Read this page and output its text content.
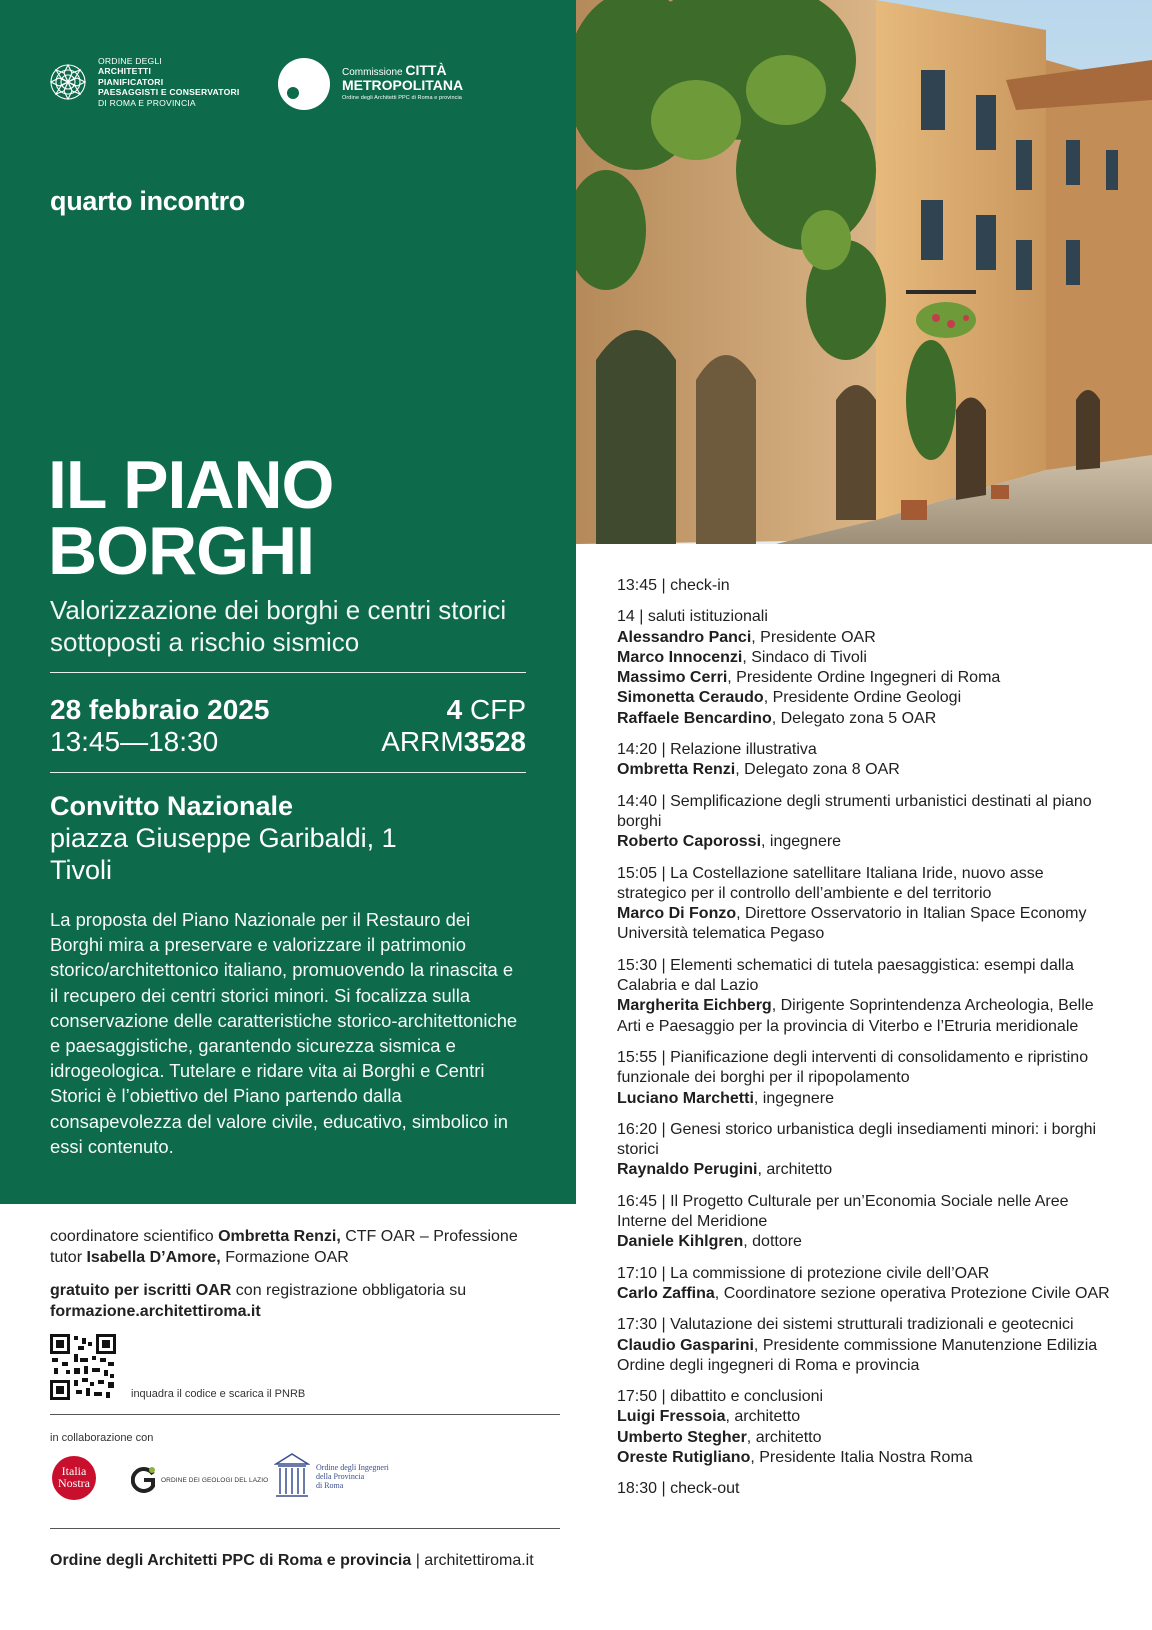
ORDINE DEGLI
ARCHITETTI
PIANIFICATORI
PAESAGGISTI E CONSERVATORI
DI ROMA E PROVINCIA
Commissione CITTÀ
METROPOLITANA
Ordine degli Architetti PPC di Roma e provincia
quarto incontro
IL PIANO
BORGHI
Valorizzazione dei borghi e centri storici sottoposti a rischio sismico
28 febbraio 2025	4 CFP
13:45—18:30	ARRM3528
Convitto Nazionale
piazza Giuseppe Garibaldi, 1
Tivoli
La proposta del Piano Nazionale per il Restauro dei Borghi mira a preservare e valorizzare il patrimonio storico/architettonico italiano, promuovendo la rinascita e il recupero dei centri storici minori. Si focalizza sulla conservazione delle caratteristiche storico-architettoniche e paesaggistiche, garantendo sicurezza sismica e idrogeologica. Tutelare e ridare vita ai Borghi e Centri Storici è l’obiettivo del Piano partendo dalla consapevolezza del valore civile, educativo, simbolico in essi contenuto.

coordinatore scientifico Ombretta Renzi, CTF OAR – Professione

tutor Isabella D’Amore, Formazione OAR

gratuito per iscritti OAR con registrazione obbligatoria su

formazione.architettiroma.it

inquadra il codice e scarica il PNRB
in collaborazione con
Italia
Nostra	ORDINE DEI GEOLOGI DEL LAZIO
Ordine degli Ingegneri
della Provincia
di Roma
Ordine degli Architetti PPC di Roma e provincia | architettiroma.it
13:45 | check-in
14 | saluti istituzionali
Alessandro Panci, Presidente OAR
Marco Innocenzi, Sindaco di Tivoli
Massimo Cerri, Presidente Ordine Ingegneri di Roma
Simonetta Ceraudo, Presidente Ordine Geologi
Raffaele Bencardino, Delegato zona 5 OAR
14:20 | Relazione illustrativa
Ombretta Renzi, Delegato zona 8 OAR
14:40 | Semplificazione degli strumenti urbanistici destinati al piano borghi
Roberto Caporossi, ingegnere
15:05 | La Costellazione satellitare Italiana Iride, nuovo asse strategico per il controllo dell’ambiente e del territorio
Marco Di Fonzo, Direttore Osservatorio in Italian Space Economy Università telematica Pegaso
15:30 | Elementi schematici di tutela paesaggistica: esempi dalla Calabria e dal Lazio
Margherita Eichberg, Dirigente Soprintendenza Archeologia, Belle Arti e Paesaggio per la provincia di Viterbo e l’Etruria meridionale
15:55 | Pianificazione degli interventi di consolidamento e ripristino funzionale dei borghi per il ripopolamento
Luciano Marchetti, ingegnere
16:20 | Genesi storico urbanistica degli insediamenti minori: i borghi storici
Raynaldo Perugini, architetto
16:45 | Il Progetto Culturale per un’Economia Sociale nelle Aree Interne del Meridione
Daniele Kihlgren, dottore
17:10 | La commissione di protezione civile dell’OAR
Carlo Zaffina, Coordinatore sezione operativa Protezione Civile OAR
17:30 | Valutazione dei sistemi strutturali tradizionali e geotecnici
Claudio Gasparini, Presidente commissione Manutenzione Edilizia Ordine degli ingegneri di Roma e provincia
17:50 | dibattito e conclusioni
Luigi Fressoia, architetto
Umberto Stegher, architetto
Oreste Rutigliano, Presidente Italia Nostra Roma
18:30 | check-out
